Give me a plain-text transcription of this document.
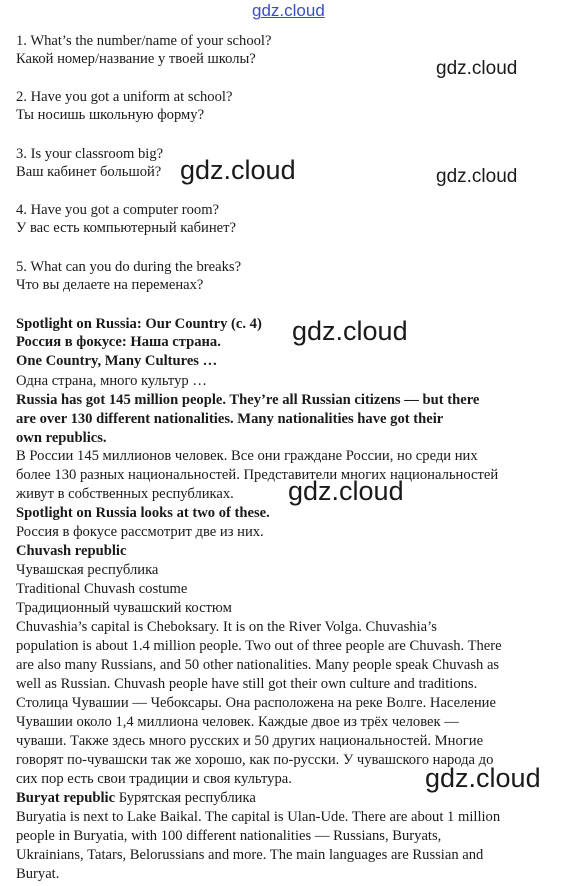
gdz.cloud
gdz.cloud
gdz.cloud
gdz.cloud
gdz.cloud
gdz.cloud
gdz.cloud
1. What’s the number/name of your school?
Какой номер/название у твоей школы?
2. Have you got a uniform at school?
Ты носишь школьную форму?
3. Is your classroom big?
Ваш кабинет большой?
4. Have you got a computer room?
У вас есть компьютерный кабинет?
5. What can you do during the breaks?
Что вы делаете на переменах?
Spotlight on Russia: Our Country (c. 4)
Россия в фокусе: Наша страна.
One Country, Many Cultures …
Одна страна, много культур …
Russia has got 145 million people. They’re all Russian citizens — but there
are over 130 different nationalities. Many nationalities have got their
own republics.
В России 145 миллионов человек. Все они граждане России, но среди них
более 130 разных национальностей. Представители многих национальностей
живут в собственных республиках.
Spotlight on Russia looks at two of these.
Россия в фокусе рассмотрит две из них.
Chuvash republic
Чувашская республика
Traditional Chuvash costume
Традиционный чувашский костюм
Chuvashia’s capital is Cheboksary. It is on the River Volga. Chuvashia’s
population is about 1.4 million people. Two out of three people are Chuvash. There
are also many Russians, and 50 other nationalities. Many people speak Chuvash as
well as Russian. Chuvash people have still got their own culture and traditions.
Столица Чувашии — Чебоксары. Она расположена на реке Волге. Население
Чувашии около 1,4 миллиона человек. Каждые двое из трёх человек —
чуваши. Также здесь много русских и 50 других национальностей. Многие
говорят по-чувашски так же хорошо, как по-русски. У чувашского народа до
сих пор есть свои традиции и своя культура.
Buryat republic Бурятская республика
Buryatia is next to Lake Baikal. The capital is Ulan-Ude. There are about 1 million
people in Buryatia, with 100 different nationalities — Russians, Buryats,
Ukrainians, Tatars, Belorussians and more. The main languages are Russian and
Buryat.
